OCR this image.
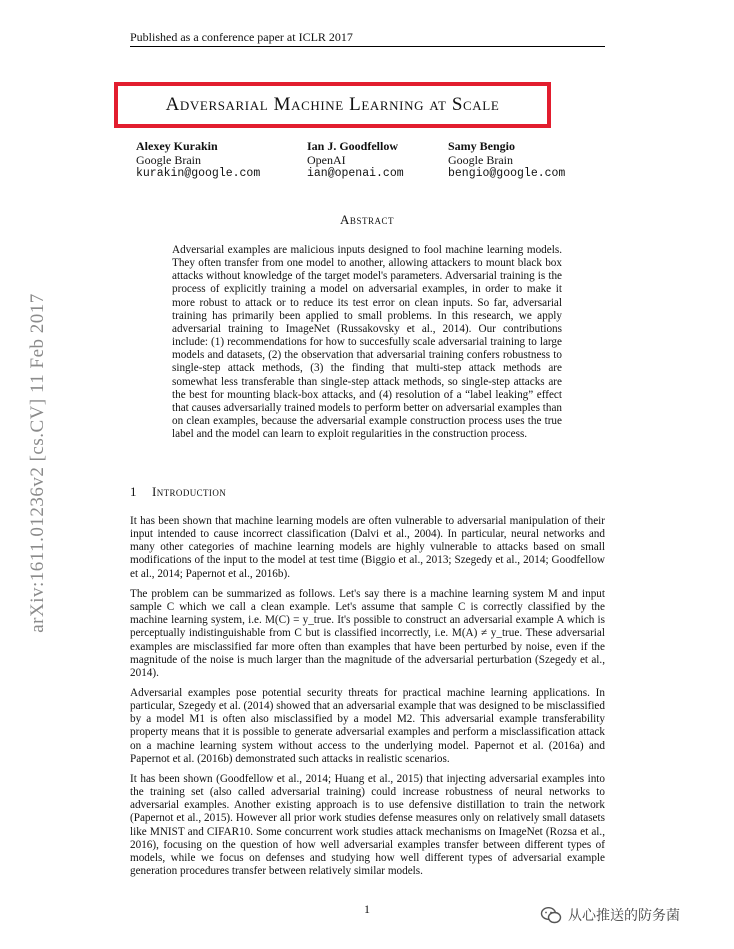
Published as a conference paper at ICLR 2017
Adversarial Machine Learning at Scale
Alexey Kurakin
Google Brain
kurakin@google.com
Ian J. Goodfellow
OpenAI
ian@openai.com
Samy Bengio
Google Brain
bengio@google.com
Abstract
Adversarial examples are malicious inputs designed to fool machine learning models. They often transfer from one model to another, allowing attackers to mount black box attacks without knowledge of the target model's parameters. Adversarial training is the process of explicitly training a model on adversarial examples, in order to make it more robust to attack or to reduce its test error on clean inputs. So far, adversarial training has primarily been applied to small problems. In this research, we apply adversarial training to ImageNet (Russakovsky et al., 2014). Our contributions include: (1) recommendations for how to succesfully scale adversarial training to large models and datasets, (2) the observation that adversarial training confers robustness to single-step attack methods, (3) the finding that multi-step attack methods are somewhat less transferable than single-step attack methods, so single-step attacks are the best for mounting black-box attacks, and (4) resolution of a “label leaking” effect that causes adversarially trained models to perform better on adversarial examples than on clean examples, because the adversarial example construction process uses the true label and the model can learn to exploit regularities in the construction process.
1 Introduction
It has been shown that machine learning models are often vulnerable to adversarial manipulation of their input intended to cause incorrect classification (Dalvi et al., 2004). In particular, neural networks and many other categories of machine learning models are highly vulnerable to attacks based on small modifications of the input to the model at test time (Biggio et al., 2013; Szegedy et al., 2014; Goodfellow et al., 2014; Papernot et al., 2016b).
The problem can be summarized as follows. Let's say there is a machine learning system M and input sample C which we call a clean example. Let's assume that sample C is correctly classified by the machine learning system, i.e. M(C) = y_true. It's possible to construct an adversarial example A which is perceptually indistinguishable from C but is classified incorrectly, i.e. M(A) ≠ y_true. These adversarial examples are misclassified far more often than examples that have been perturbed by noise, even if the magnitude of the noise is much larger than the magnitude of the adversarial perturbation (Szegedy et al., 2014).
Adversarial examples pose potential security threats for practical machine learning applications. In particular, Szegedy et al. (2014) showed that an adversarial example that was designed to be misclassified by a model M1 is often also misclassified by a model M2. This adversarial example transferability property means that it is possible to generate adversarial examples and perform a misclassification attack on a machine learning system without access to the underlying model. Papernot et al. (2016a) and Papernot et al. (2016b) demonstrated such attacks in realistic scenarios.
It has been shown (Goodfellow et al., 2014; Huang et al., 2015) that injecting adversarial examples into the training set (also called adversarial training) could increase robustness of neural networks to adversarial examples. Another existing approach is to use defensive distillation to train the network (Papernot et al., 2015). However all prior work studies defense measures only on relatively small datasets like MNIST and CIFAR10. Some concurrent work studies attack mechanisms on ImageNet (Rozsa et al., 2016), focusing on the question of how well adversarial examples transfer between different types of models, while we focus on defenses and studying how well different types of adversarial example generation procedures transfer between relatively similar models.
arXiv:1611.01236v2 [cs.CV] 11 Feb 2017
1	从心推送的防务菌
